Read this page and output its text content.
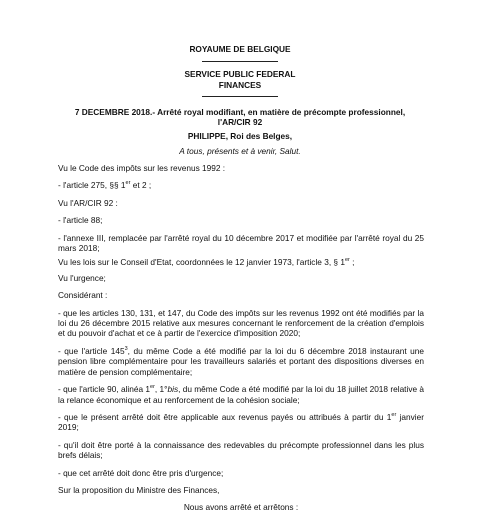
ROYAUME DE BELGIQUE
SERVICE PUBLIC FEDERAL
FINANCES
7 DECEMBRE 2018.- Arrêté royal modifiant, en matière de précompte professionnel,
l'AR/CIR 92
PHILIPPE, Roi des Belges,
A tous, présents et à venir, Salut.

Vu le Code des impôts sur les revenus 1992 :

- l'article 275, §§ 1er et 2 ;

Vu l'AR/CIR 92 :

- l'article 88;

- l'annexe III, remplacée par l'arrêté royal du 10 décembre 2017 et modifiée par l'arrêté royal du 25 mars 2018;

Vu les lois sur le Conseil d'Etat, coordonnées le 12 janvier 1973, l'article 3, § 1er ;

Vu l'urgence;

Considérant :

- que les articles 130, 131, et 147, du Code des impôts sur les revenus 1992 ont été modifiés par la loi du 26 décembre 2015 relative aux mesures concernant le renforcement de la création d'emplois et du pouvoir d'achat et ce à partir de l'exercice d'imposition 2020;

- que l'article $145^3$, du même Code a été modifié par la loi du 6 décembre 2018 instaurant une pension libre complémentaire pour les travailleurs salariés et portant des dispositions diverses en matière de pension complémentaire;

- que l'article 90, alinéa 1er, 1°bis, du même Code a été modifié par la loi du 18 juillet 2018 relative à la relance économique et au renforcement de la cohésion sociale;

- que le présent arrêté doit être applicable aux revenus payés ou attribués à partir du 1er janvier 2019;

- qu'il doit être porté à la connaissance des redevables du précompte professionnel dans les plus brefs délais;

- que cet arrêté doit donc être pris d'urgence;

Sur la proposition du Ministre des Finances,

Nous avons arrêté et arrêtons :
